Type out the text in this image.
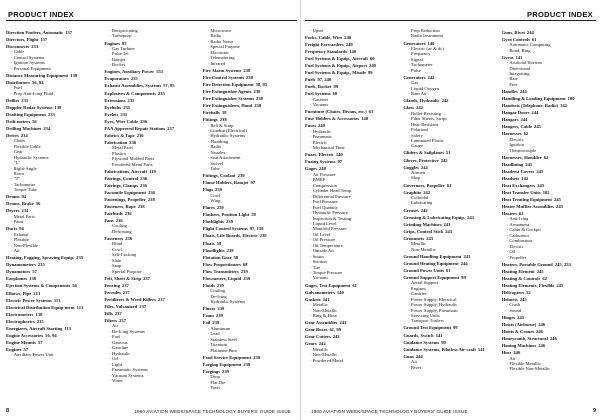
PRODUCT INDEX
Direction Finders, Automatic 137
Directors, Flight 157
Disconnects 233
· Cable
· Control Systems
· Ignition Systems
· Personal Equipment
Distance Measuring Equipment 138
Distributors 56, 94
· Fuel
· Prop Anti-Icing Fluid
Dollies 233
Doppler Radar Systems 138
Drafting Equipment 233
Drift meters 56
Drilling Machines 234
Drives 234
· Chain
· Flexible Cable
· Gear
· Hydraulic Systems
· "L"
· Right-Angle
· Rotor
· "T"
· Tachometer
· Torque Tube
Drums 94
Drums, Brake 56
Dryers 234
· Metal Parts
· Paint
Ducts 94
· Exhaust
· Flexible
· Non-Flexible
· Air
Heating, Fogging, Spraying Equip. 235
Dynamometers 235
Dynamotors 57
Earphones 138
Ejection Systems & Components 56
Elbows, Pipe 213
Electric Power Systems 113
Electrical Distribution Equip-ment 113
Electrometers 138
Electrophorics 235
Energizers, Aircraft Starting 113
Engine Accessories 56, 94
Engine Mounts 57
Engines 57
· Auxiliary Power Unit
· Reciprocating
· Turboprop
Engines 95
· Gas Turbine
· Pulse-Jet
· Ramjet
· Rocket
Engines, Auxiliary Power 551
Evaporators 235
Exhaust Assemblies, Systems 57, 95
Explosives & Components 235
Extrusions 235
Eyebolts 235
Eyelets 235
Eyes, Wire Cable 236
FAA Approved Repair Stations 257
Fabrics & Tape 236
Fabrication 236
· Metal Parts
· Plastics
· Plywood Molded Parts
· Powdered Metal Parts
Fabrications, Aircraft 119
Fairings, Control 236
Fairings, Clamps 236
Facsimile Equipment 236
Fastenings, Propeller 238
Fasteners, Rope 238
Fairleads 236
Fans 236
· Cooling
· Defrosting
Fasteners 236
· Blind
· Cowl
· Self-Locking
· Slide
· Snap
· Special Purpose
Felt, Sheet & Strip 237
Fencing 237
Ferrules 237
Fertilizers & Weed Killers 237
Files, Vulcanized 237
Fills 237
Filters 237
· Air
· De-Icing Systems
· Fuel
· Gaseous
· Gasoline
· Hydraulic
· Oil
· Light
· Pneumatic Systems
· Vacuum Systems
· Water
· Microwave
· Radio
· Radio Noise
· Special Purpose
· Electronic
· Telemetering
· Infrared
Fire Alarm Systems 238
Fire Control Systems 238
Fire Detection Equipment 58, 95
Fire Extinguisher Agents 238
Fire Extinguisher Systems 238
Fire Extinguishers, Hand 238
Fireballs 58
Fittings 238
· Belt & Strap
· Conduit (Electrical)
· Hydraulic Systems
· Plumbing
· Radio
· Nozzles
· Seat Attachment
· Swivel
· Tube
Fittings, Coolant 239
Flame Holders, Ramjet 97
Flags 239
· Cowl
· Wing
Flares 239
Flashers, Position Light 58
Flashlights 239
Flight Control Systems 97, 158
Floats, Life Boards, Electric 239
Floats 58
Floodlights 239
Flotation Gear 58
Flow Proportioners 68
Flow Transmitters 239
Flowmeters, Liquid 239
Fluids 239
· Cooling
· De-Icing
· Hydraulic Systems
Fluxes 239
Foam 239
Foil 239
· Aluminum
· Lead
· Stainless Steel
· Titanium
· Platinum-Pure
Food Service Equipment 239
Forging Equipment 239
Forgings 239
· Drop
· Flat Die
· Press
8	1960 AVIATION WEEK/SPACE TECHNOLOGY BUYERS' GUIDE ISSUE
PRODUCT INDEX
· Upset
Forks, Cable, Wire 240
Freight Forwarders 249
Frequency Standards 140
Fuel Systems & Equip., Aircraft 60
Fuel Systems & Equip., Airport 240
Fuel Systems & Equip., Missile 99
Fuels 97, 240
Fuels, Rocket 99
Fuel Systems 60
· Gaseous
· Vacuum
Furniture (Chairs, Divans, etc.) 61
Fuse Holders & Accessories 140
Fuses 240
· Hydraulic
· Pneumatic
· Electric
· Mechanical Time
Fuzes, Electric 140
Fuzing Systems 97
Gages 240
· Air Pressure
· BMEP
· Compression
· Cylinder Head Temp.
· Differential Pressure
· Fuel Pressure
· Fuel Quantity
· Hydraulic Pressure
· Inspection & Testing
· Liquid Level
· Manifold Pressure
· Oil Level
· Oil Pressure
· Oil Temperature
· Outside Air
· Strain
· Suction
· Tire
· Torque Pressure
· Vacuum
Gages, Test Equipment 61
Galvanometers 140
Gaskets 241
· Metallic
· Non-Metallic
· Ring & Hose
Gear Assemblies 241
Gear Boxes 61, 99
Gear Cutters 242
Gears 242
· Metallic
· Non-Metallic
· Powdered Metal
· Prop Reduction
· Radio Instrument
Generators 140
· Electric (ac & dc)
· Frequency
· Signal
· Tachometer
· Pulse
Generators 242
· Gas
· Liquid Oxygen
· Ram Air
Glands, Hydraulic 242
Glass 242
· Bullet-Resisting
· Fiber Sheets, Strips
· Heat-Resistant
· Polarized
· Safety
· Laminated Plastic
· Gauge
Gliders & Sailplanes 51
Gloves, Protective 242
Goggles 242
· Airmen
· Shop
Governors, Propeller 61
Graphite 242
· Colloidal
· Lubricating
Greases 242
Greasing & Lubricating Equip. 243
Grinding Machines 243
Grips, Control Stick 243
Grommets 243
· Metallic
· Non-Metallic
Ground Handling Equipment 243
Ground Heating Equipment 244
Ground Power Units 61
Ground Support Equipment 99
· Aerial Support
· Engines
· Gantries
· Power Supply, Electrical
· Power Supply, Hydraulic
· Power Supply, Pneumatic
· Servicing Units
· Transport Trailers
Ground Test Equipment 99
Guards, Switch 141
Guidance Systems 99
Guidance Systems, Pilotless Air-craft 141
Guns 244
· Air
· Rivet
Guns, Rivet 244
Gyro Controls 61
· Automatic Computing
· Bond, Ring
Gyros 141
· Artificial Horizon
· Directional
· Integrating
· Rate
· Free
Handles 244
Handling & Loading Equipment 100
Handsets (Telephone, Radio) 142
Hangar Doors 244
Hangars 244
Hangers, Cable 245
Harnesses 62
· Electric
· Ignition
· Thermocouple
Harnesses, Shoulder 62
Headlining 245
Headrest Covers 245
Headsets 142
Heat Exchangers 245
Heat Transfer Units 102
Heat Treating Equipment 245
Heater Muffler Assemblies 245
Heaters 62
· Anti-Icing
· Armament
· Cabin & Cockpit
· Carburetor
· Combustion
· Electric
· Oil
· Propeller
Heaters, Portable Ground 245, 253
Heating Element 245
Heating & Controls 62
Heating Elements, Flexible 245
Helicopters 52
Helmets 245
· Crash
· Sound
Hinges 245
Hoists (Airborne) 246
Hoists & Cranes 246
Honeycomb, Structural 246
Honing Machines 246
Hose 246
· Air
· Flexible Metallic
· Flexible Non-Metallic
1960 AVIATION WEEK/SPACE TECHNOLOGY BUYERS' GUIDE ISSUE	9
